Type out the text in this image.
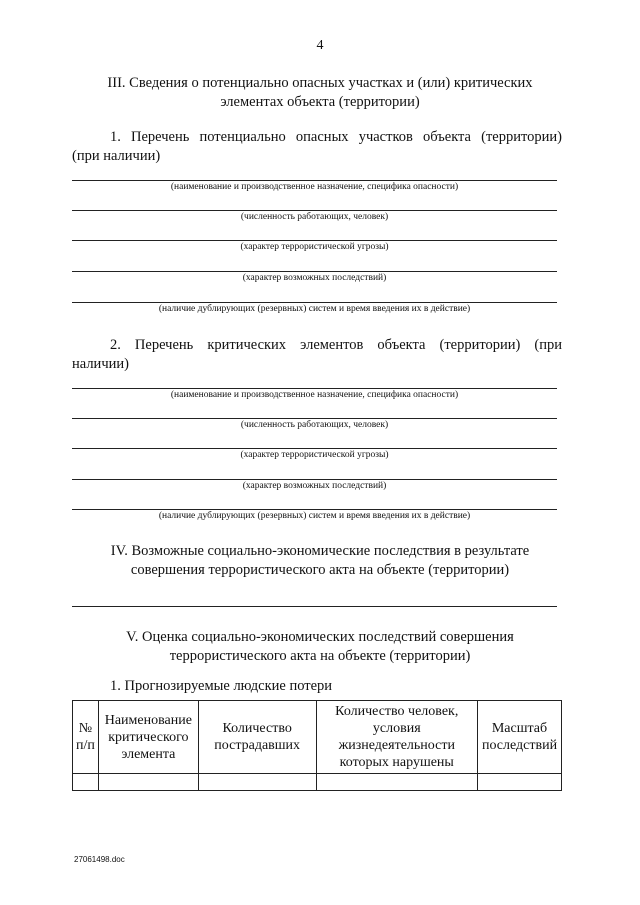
4
III. Сведения о потенциально опасных участках и (или) критических
элементах объекта (территории)
1. Перечень потенциально опасных участков объекта (территории)
(при наличии)
(наименование и производственное назначение, специфика опасности)
(численность работающих, человек)
(характер террористической угрозы)
(характер возможных последствий)
(наличие дублирующих (резервных) систем и время введения их в действие)
2. Перечень критических элементов объекта (территории) (при
наличии)
(наименование и производственное назначение, специфика опасности)
(численность работающих, человек)
(характер террористической угрозы)
(характер возможных последствий)
(наличие дублирующих (резервных) систем и время введения их в действие)
IV. Возможные социально-экономические последствия в результате
совершения террористического акта на объекте (территории)
V. Оценка социально-экономических последствий совершения
террористического акта на объекте (территории)
1. Прогнозируемые людские потери
№ п/п	Наименование критического элемента	Количество пострадавших	Количество человек, условия жизнедеятельности которых нарушены	Масштаб последствий

27061498.doc
